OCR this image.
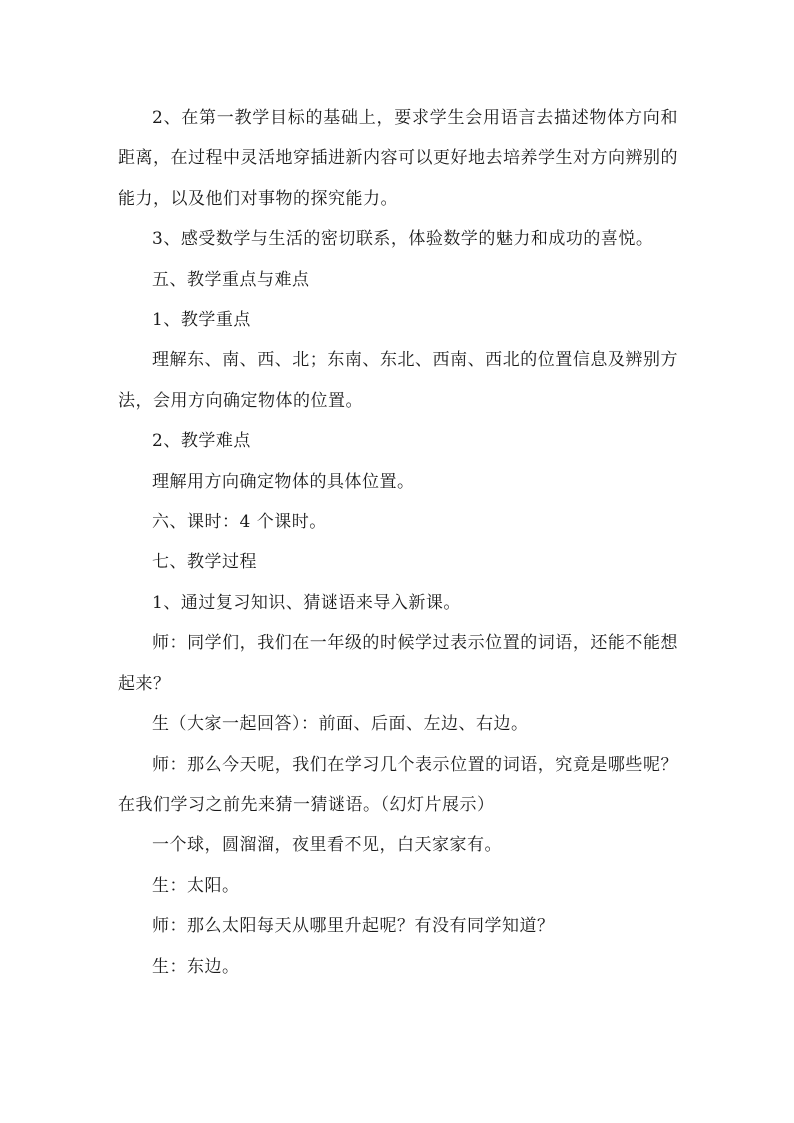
2、在第一教学目标的基础上，要求学生会用语言去描述物体方向和距离，在过程中灵活地穿插进新内容可以更好地去培养学生对方向辨别的能力，以及他们对事物的探究能力。

3、感受数学与生活的密切联系，体验数学的魅力和成功的喜悦。

五、教学重点与难点

1、教学重点

理解东、南、西、北；东南、东北、西南、西北的位置信息及辨别方法，会用方向确定物体的位置。

2、教学难点

理解用方向确定物体的具体位置。

六、课时：4 个课时。

七、教学过程

1、通过复习知识、猜谜语来导入新课。

师：同学们，我们在一年级的时候学过表示位置的词语，还能不能想起来？

生（大家一起回答）：前面、后面、左边、右边。

师：那么今天呢，我们在学习几个表示位置的词语，究竟是哪些呢？在我们学习之前先来猜一猜谜语。（幻灯片展示）

一个球，圆溜溜，夜里看不见，白天家家有。

生：太阳。

师：那么太阳每天从哪里升起呢？有没有同学知道？

生：东边。
